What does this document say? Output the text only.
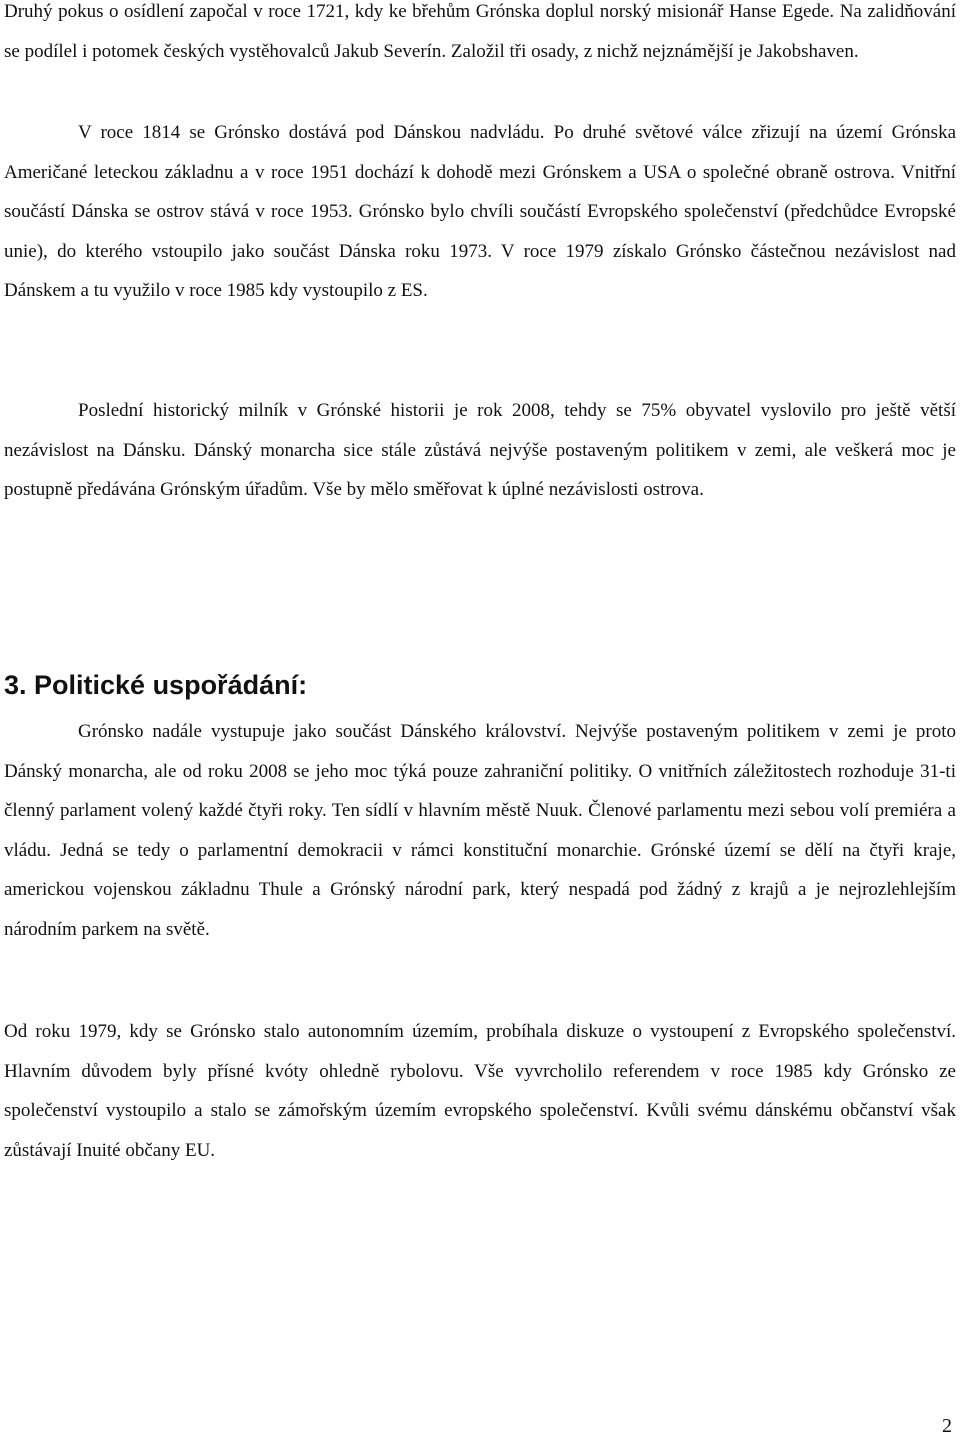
Druhý pokus o osídlení započal v roce 1721, kdy ke břehům Grónska doplul norský misionář Hanse Egede. Na zalidňování se podílel i potomek českých vystěhovalců Jakub Severín. Založil tři osady, z nichž nejznámější je Jakobshaven.

V roce 1814 se Grónsko dostává pod Dánskou nadvládu. Po druhé světové válce zřizují na území Grónska Američané leteckou základnu a v roce 1951 dochází k dohodě mezi Grónskem a USA o společné obraně ostrova. Vnitřní součástí Dánska se ostrov stává v roce 1953. Grónsko bylo chvíli součástí Evropského společenství (předchůdce Evropské unie), do kterého vstoupilo jako součást Dánska roku 1973. V roce 1979 získalo Grónsko částečnou nezávislost nad Dánskem a tu využilo v roce 1985 kdy vystoupilo z ES.

Poslední historický milník v Grónské historii je rok 2008, tehdy se 75% obyvatel vyslovilo pro ještě větší nezávislost na Dánsku. Dánský monarcha sice stále zůstává nejvýše postaveným politikem v zemi, ale veškerá moc je postupně předávána Grónským úřadům. Vše by mělo směřovat k úplné nezávislosti ostrova.

3. Politické uspořádání:

Grónsko nadále vystupuje jako součást Dánského království. Nejvýše postaveným politikem v zemi je proto Dánský monarcha, ale od roku 2008 se jeho moc týká pouze zahraniční politiky. O vnitřních záležitostech rozhoduje 31-ti členný parlament volený každé čtyři roky. Ten sídlí v hlavním městě Nuuk. Členové parlamentu mezi sebou volí premiéra a vládu. Jedná se tedy o parlamentní demokracii v rámci konstituční monarchie. Grónské území se dělí na čtyři kraje, americkou vojenskou základnu Thule a Grónský národní park, který nespadá pod žádný z krajů a je nejrozlehlejším národním parkem na světě.

Od roku 1979, kdy se Grónsko stalo autonomním územím, probíhala diskuze o vystoupení z Evropského společenství. Hlavním důvodem byly přísné kvóty ohledně rybolovu. Vše vyvrcholilo referendem v roce 1985 kdy Grónsko ze společenství vystoupilo a stalo se zámořským územím evropského společenství. Kvůli svému dánskému občanství však zůstávají Inuité občany EU.

2
